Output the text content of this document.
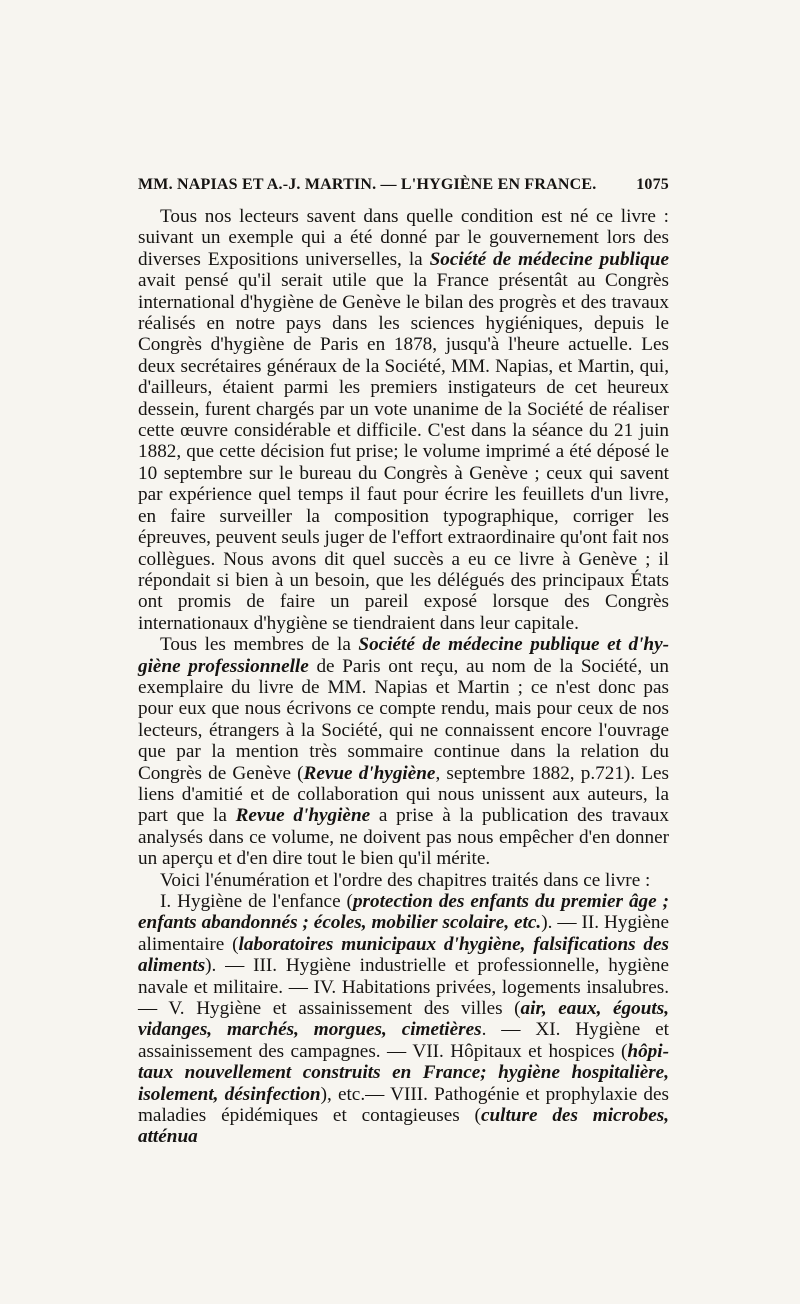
MM. NAPIAS ET A.-J. MARTIN. — L'HYGIÈNE EN FRANCE. 1075

Tous nos lecteurs savent dans quelle condition est né ce livre : suivant un exemple qui a été donné par le gouvernement lors des diverses Expositions universelles, la Société de médecine publique avait pensé qu'il serait utile que la France présentât au Congrès international d'hygiène de Genève le bilan des progrès et des travaux réalisés en notre pays dans les sciences hygiéniques, depuis le Congrès d'hygiène de Paris en 1878, jusqu'à l'heure actuelle. Les deux secrétaires généraux de la Société, MM. Napias, et Martin, qui, d'ailleurs, étaient parmi les premiers instigateurs de cet heureux dessein, furent chargés par un vote unanime de la Société de réaliser cette œuvre considérable et difficile. C'est dans la séance du 21 juin 1882, que cette décision fut prise; le volume imprimé a été déposé le 10 septembre sur le bureau du Congrès à Genève ; ceux qui savent par expérience quel temps il faut pour écrire les feuillets d'un livre, en faire surveiller la composition typographique, corriger les épreuves, peuvent seuls juger de l'effort extraordinaire qu'ont fait nos collègues. Nous avons dit quel succès a eu ce livre à Genève ; il répondait si bien à un besoin, que les délégués des principaux États ont promis de faire un pareil exposé lorsque des Congrès internationaux d'hygiène se tiendraient dans leur capitale.

Tous les membres de la Société de médecine publique et d'hygiène professionnelle de Paris ont reçu, au nom de la Société, un exemplaire du livre de MM. Napias et Martin ; ce n'est donc pas pour eux que nous écrivons ce compte rendu, mais pour ceux de nos lecteurs, étrangers à la Société, qui ne connaissent encore l'ouvrage que par la mention très sommaire continue dans la relation du Congrès de Genève (Revue d'hygiène, septembre 1882, p.721). Les liens d'amitié et de collaboration qui nous unissent aux auteurs, la part que la Revue d'hygiène a prise à la publication des travaux analysés dans ce volume, ne doivent pas nous empêcher d'en donner un aperçu et d'en dire tout le bien qu'il mérite.

Voici l'énumération et l'ordre des chapitres traités dans ce livre :

I. Hygiène de l'enfance (protection des enfants du premier âge ; enfants abandonnés ; écoles, mobilier scolaire, etc.). — II. Hygiène alimentaire (laboratoires municipaux d'hygiène, falsifications des aliments). — III. Hygiène industrielle et professionnelle, hygiène navale et militaire. — IV. Habitations privées, logements insalubres. — V. Hygiène et assainissement des villes (air, eaux, égouts, vidanges, marchés, morgues, cimetières. — XI. Hygiène et assainissement des campagnes. — VII. Hôpitaux et hospices (hôpitaux nouvellement construits en France; hygiène hospitalière, isolement, désinfection), etc.— VIII. Pathogénie et prophylaxie des maladies épidémiques et contagieuses (culture des microbes, atténua
